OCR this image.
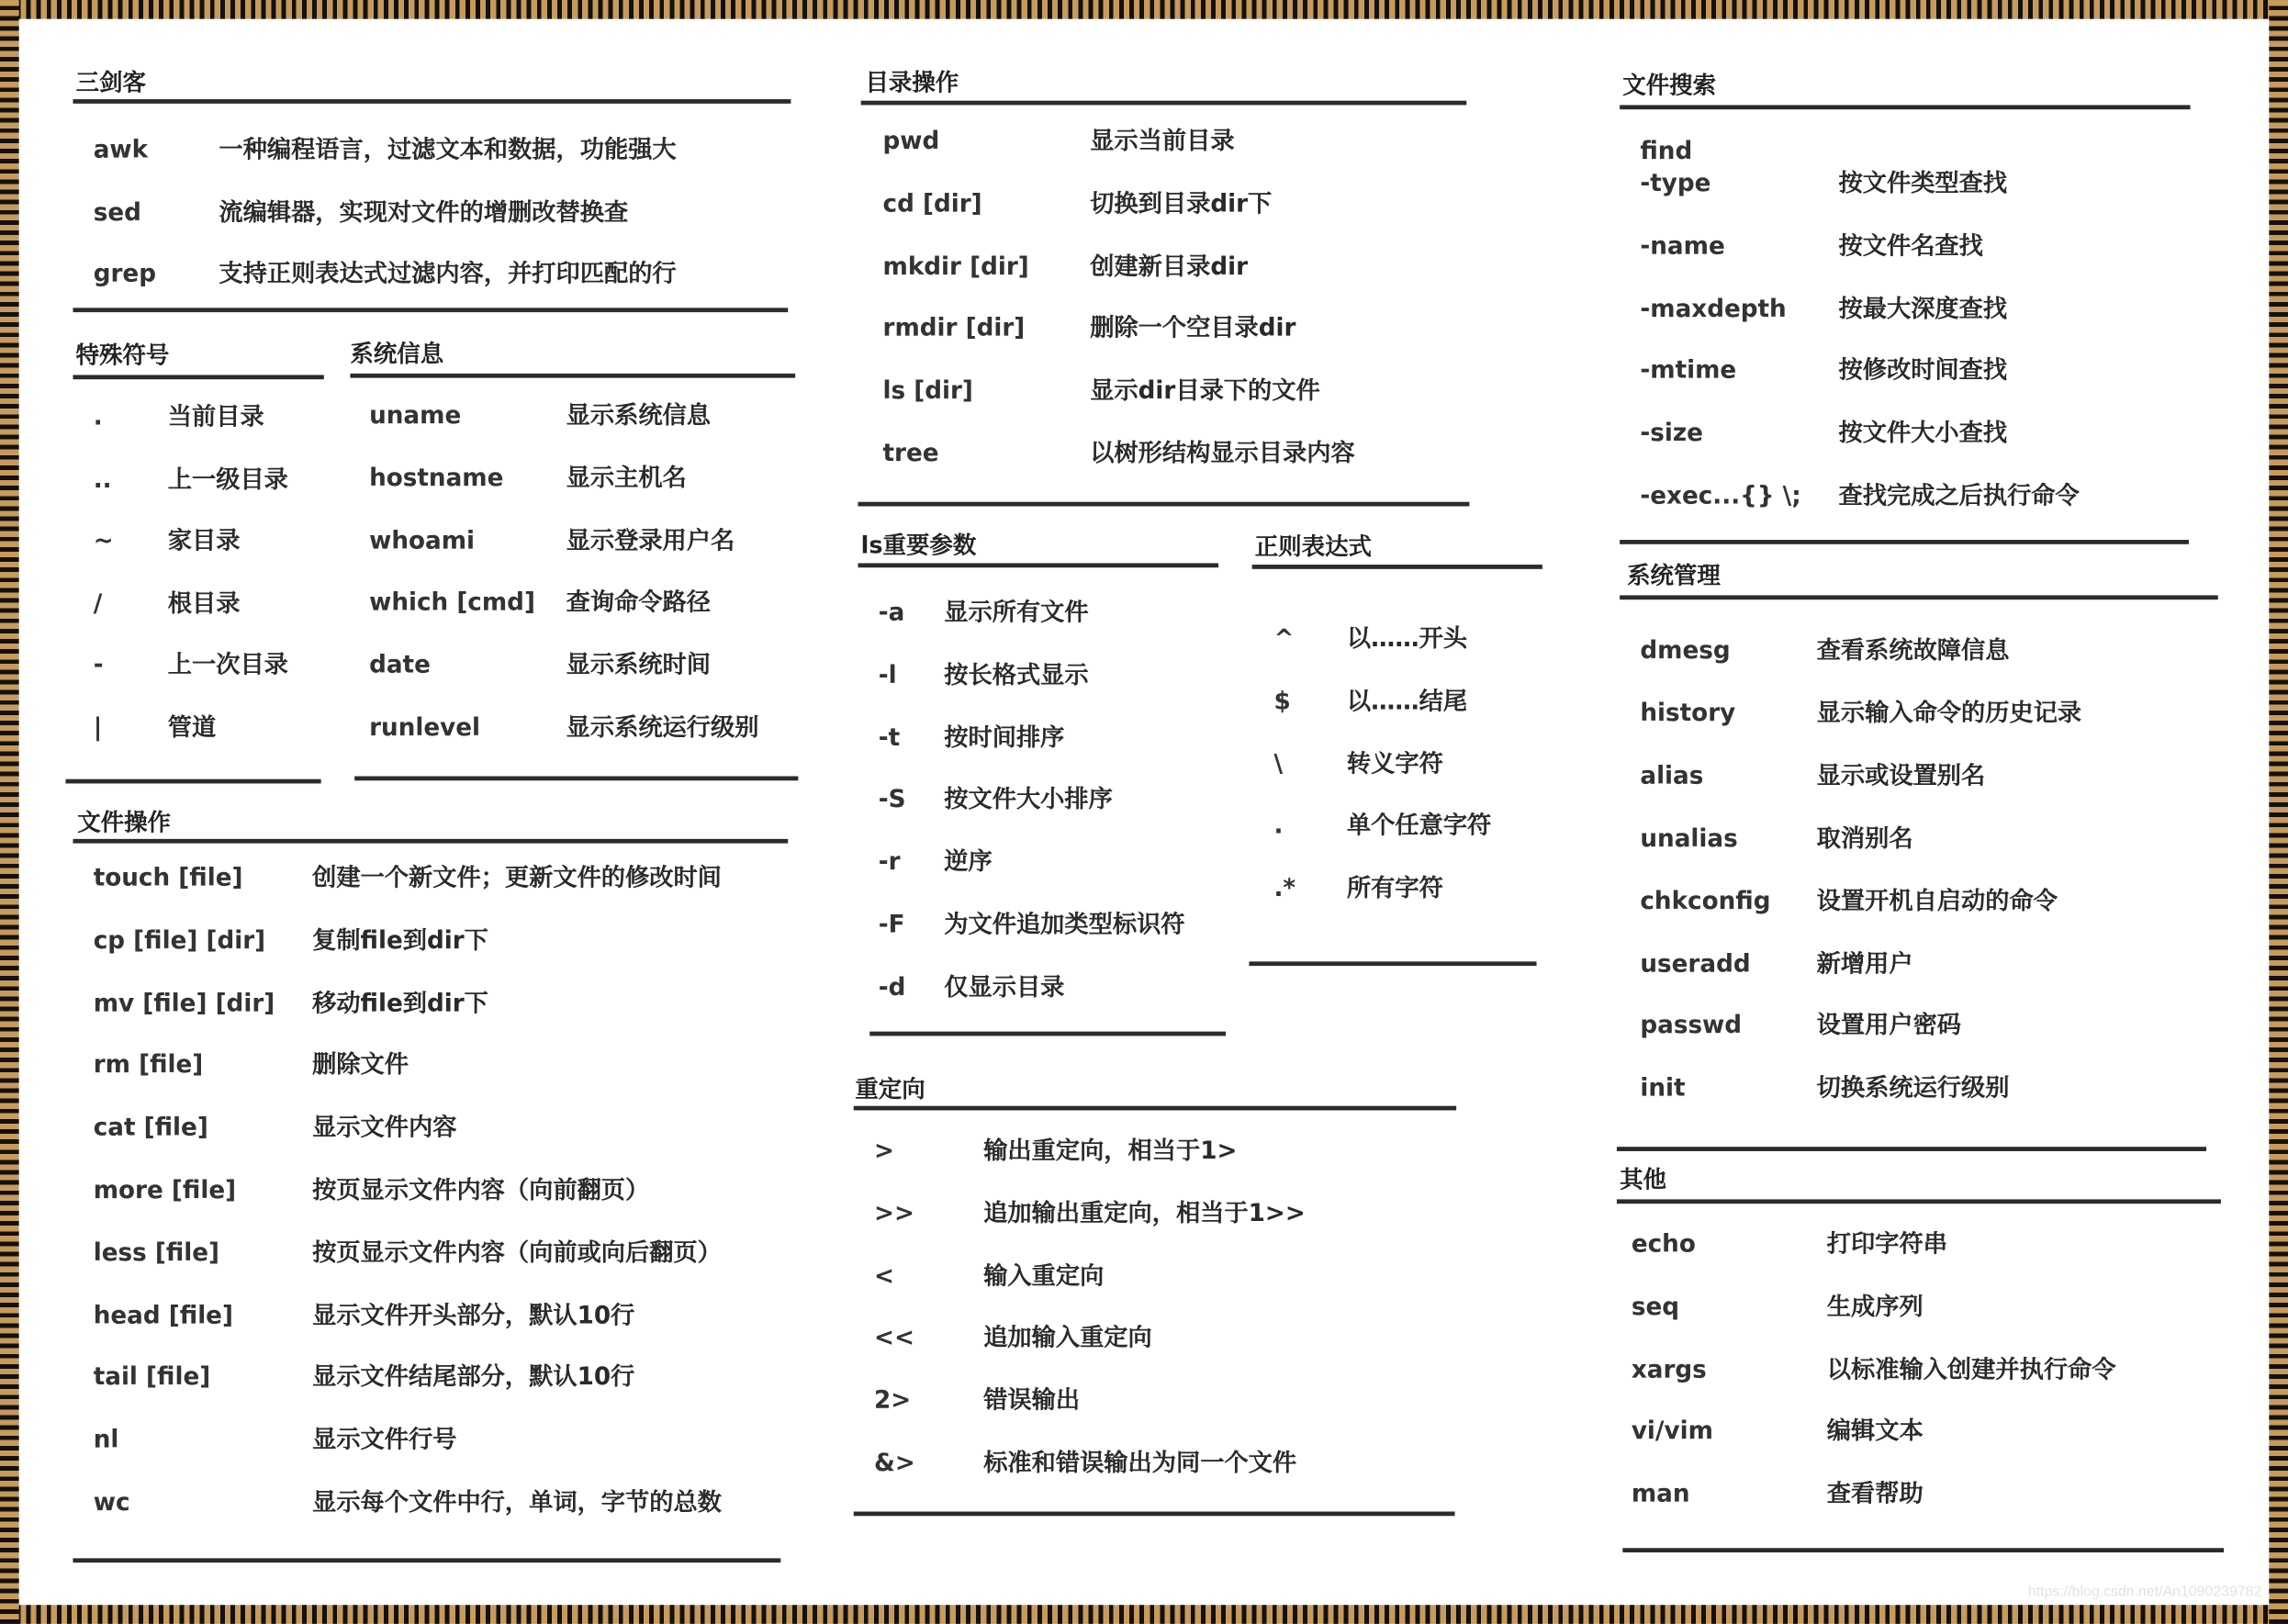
三剑客
awk	一种编程语言，过滤文本和数据，功能强大
sed	流编辑器，实现对文件的增删改替换查
grep	支持正则表达式过滤内容，并打印匹配的行
特殊符号
.	当前目录
..	上一级目录
~	家目录
/	根目录
-	上一次目录
|	管道
系统信息
uname	显示系统信息
hostname	显示主机名
whoami	显示登录用户名
which [cmd] 查询命令路径
date	显示系统时间
runlevel	显示系统运行级别
文件操作
touch [file]	创建一个新文件；更新文件的修改时间
cp [file] [dir]	复制file到dir下
mv [file] [dir] 移动file到dir下
rm [file]	删除文件
cat [file]	显示文件内容
more [file]	按页显示文件内容（向前翻页）
less [file]	按页显示文件内容（向前或向后翻页）
head [file]	显示文件开头部分，默认10行
tail [file]	显示文件结尾部分，默认10行
nl	显示文件行号
wc	显示每个文件中行，单词，字节的总数
目录操作
pwd	显示当前目录
cd [dir]	切换到目录dir下
mkdir [dir]	创建新目录dir
rmdir [dir]	删除一个空目录dir
ls [dir]	显示dir目录下的文件
tree	以树形结构显示目录内容
ls重要参数
-a	显示所有文件
-l	按长格式显示
-t	按时间排序
-S	按文件大小排序
-r	逆序
-F	为文件追加类型标识符
-d	仅显示目录
正则表达式
^	以……开头
$	以……结尾
\	转义字符
.	单个任意字符
.*	所有字符
重定向
>	输出重定向，相当于1>
>>	追加输出重定向，相当于1>>
<	输入重定向
<<	追加输入重定向
2>	错误输出
&>	标准和错误输出为同一个文件
文件搜索
find
-type	按文件类型查找
-name	按文件名查找
-maxdepth	按最大深度查找
-mtime	按修改时间查找
-size	按文件大小查找
-exec...{} \; 查找完成之后执行命令
系统管理
dmesg	查看系统故障信息
history	显示输入命令的历史记录
alias	显示或设置别名
unalias	取消别名
chkconfig	设置开机自启动的命令
useradd	新增用户
passwd	设置用户密码
init	切换系统运行级别
其他
echo	打印字符串
seq	生成序列
xargs	以标准输入创建并执行命令
vi/vim	编辑文本
man	查看帮助
https://blog.csdn.net/An1090239782
